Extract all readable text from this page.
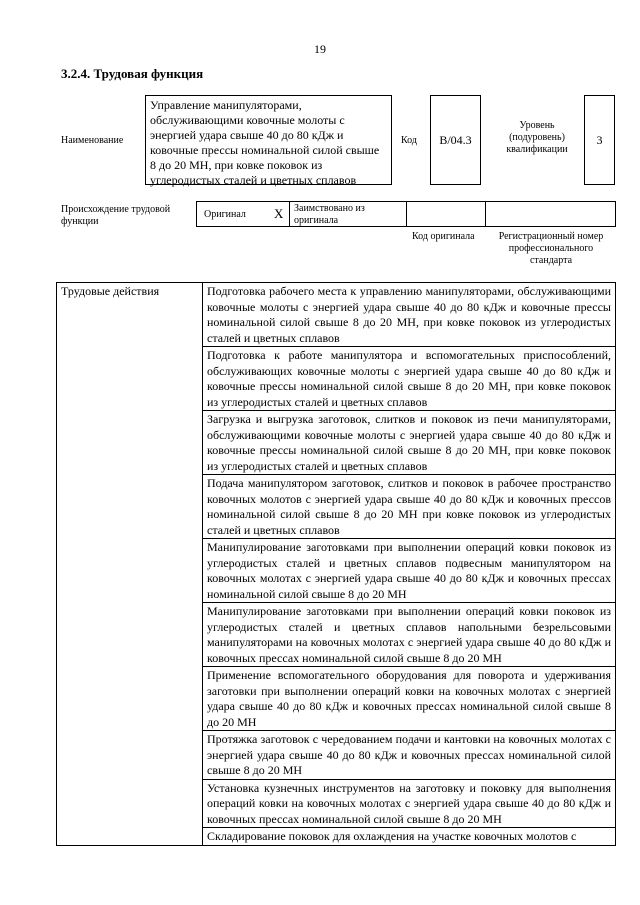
19
3.2.4. Трудовая функция
Наименование
Управление манипуляторами, обслуживающими ковочные молоты с энергией удара свыше 40 до 80 кДж и ковочные прессы номинальной силой свыше 8 до 20 МН, при ковке поковок из углеродистых сталей и цветных сплавов
Код	B/04.3
Уровень (подуровень) квалификации
3
Происхождение трудовой функции
Оригинал X Заимствовано из оригинала
Код оригинала	Регистрационный номер профессионального стандарта
Трудовые действия	Подготовка рабочего места к управлению манипуляторами, обслуживающими ковочные молоты с энергией удара свыше 40 до 80 кДж и ковочные прессы номинальной силой свыше 8 до 20 МН, при ковке поковок из углеродистых сталей и цветных сплавов
Подготовка к работе манипулятора и вспомогательных приспособлений, обслуживающих ковочные молоты с энергией удара свыше 40 до 80 кДж и ковочные прессы номинальной силой свыше 8 до 20 МН, при ковке поковок из углеродистых сталей и цветных сплавов
Загрузка и выгрузка заготовок, слитков и поковок из печи манипуляторами, обслуживающими ковочные молоты с энергией удара свыше 40 до 80 кДж и ковочные прессы номинальной силой свыше 8 до 20 МН, при ковке поковок из углеродистых сталей и цветных сплавов
Подача манипулятором заготовок, слитков и поковок в рабочее пространство ковочных молотов с энергией удара свыше 40 до 80 кДж и ковочных прессов номинальной силой свыше 8 до 20 МН при ковке поковок из углеродистых сталей и цветных сплавов
Манипулирование заготовками при выполнении операций ковки поковок из углеродистых сталей и цветных сплавов подвесным манипулятором на ковочных молотах с энергией удара свыше 40 до 80 кДж и ковочных прессах номинальной силой свыше 8 до 20 МН
Манипулирование заготовками при выполнении операций ковки поковок из углеродистых сталей и цветных сплавов напольными безрельсовыми манипуляторами на ковочных молотах с энергией удара свыше 40 до 80 кДж и ковочных прессах номинальной силой свыше 8 до 20 МН
Применение вспомогательного оборудования для поворота и удерживания заготовки при выполнении операций ковки на ковочных молотах с энергией удара свыше 40 до 80 кДж и ковочных прессах номинальной силой свыше 8 до 20 МН
Протяжка заготовок с чередованием подачи и кантовки на ковочных молотах с энергией удара свыше 40 до 80 кДж и ковочных прессах номинальной силой свыше 8 до 20 МН
Установка кузнечных инструментов на заготовку и поковку для выполнения операций ковки на ковочных молотах с энергией удара свыше 40 до 80 кДж и ковочных прессах номинальной силой свыше 8 до 20 МН
Складирование поковок для охлаждения на участке ковочных молотов с
